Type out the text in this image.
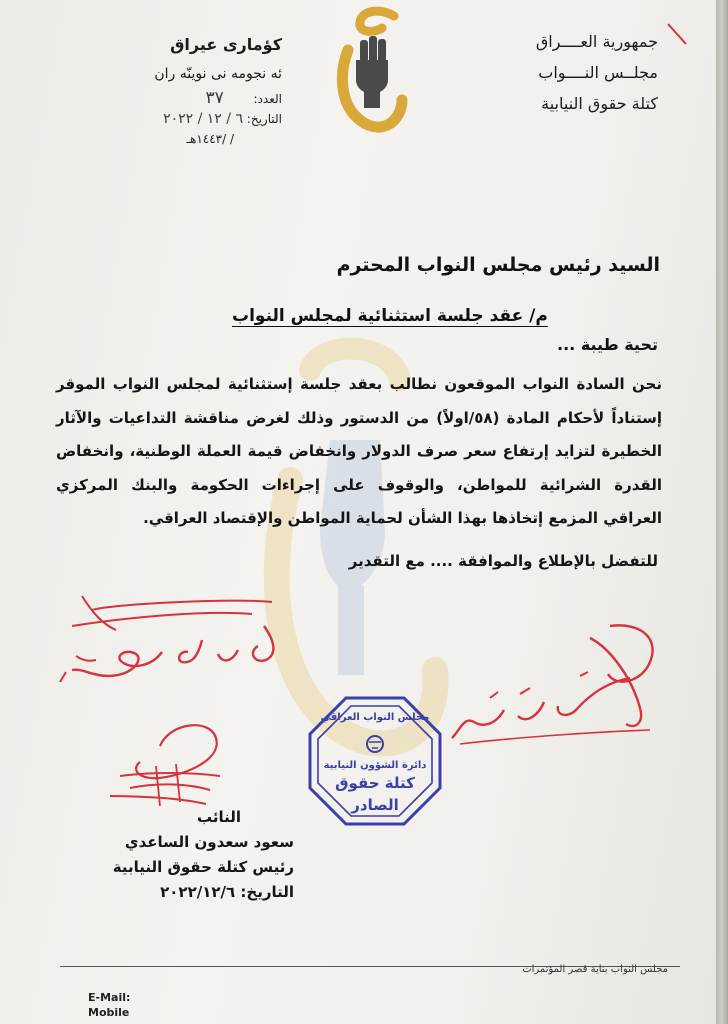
جمهورية العــــراق
مجلــس النــــواب
كتلة حقوق النيابية
كؤمارى عيراق
ئه نجومه نى نوينّه ران
العدد: ٣٧
التاريخ: ٦ / ١٢ / ٢٠٢٢
/ /١٤٤٣هـ
السيد رئيس مجلس النواب المحترم
م/ عقد جلسة استثنائية لمجلس النواب
تحية طيبة ...
نحن السادة النواب الموقعون نطالب بعقد جلسة إستثنائية لمجلس النواب الموقر إستناداً لأحكام المادة (٥٨/اولاً) من الدستور وذلك لغرض مناقشة التداعيات والآثار الخطيرة لتزايد إرتفاع سعر صرف الدولار وانخفاض قيمة العملة الوطنية، وانخفاض القدرة الشرائية للمواطن، والوقوف على إجراءات الحكومة والبنك المركزي العراقي المزمع إتخاذها بهذا الشأن لحماية المواطن والإقتصاد العراقي.
للتفضل بالإطلاع والموافقة .... مع التقدير
مجلس النواب العراقي
دائرة الشؤون النيابية
كتلة حقوق
الصادر
النائب
سعود سعدون الساعدي
رئيس كتلة حقوق النيابية
التاريخ: ٢٠٢٢/١٢/٦
مجلس النواب بناية قصر المؤتمرات
E-Mail:
Mobile
